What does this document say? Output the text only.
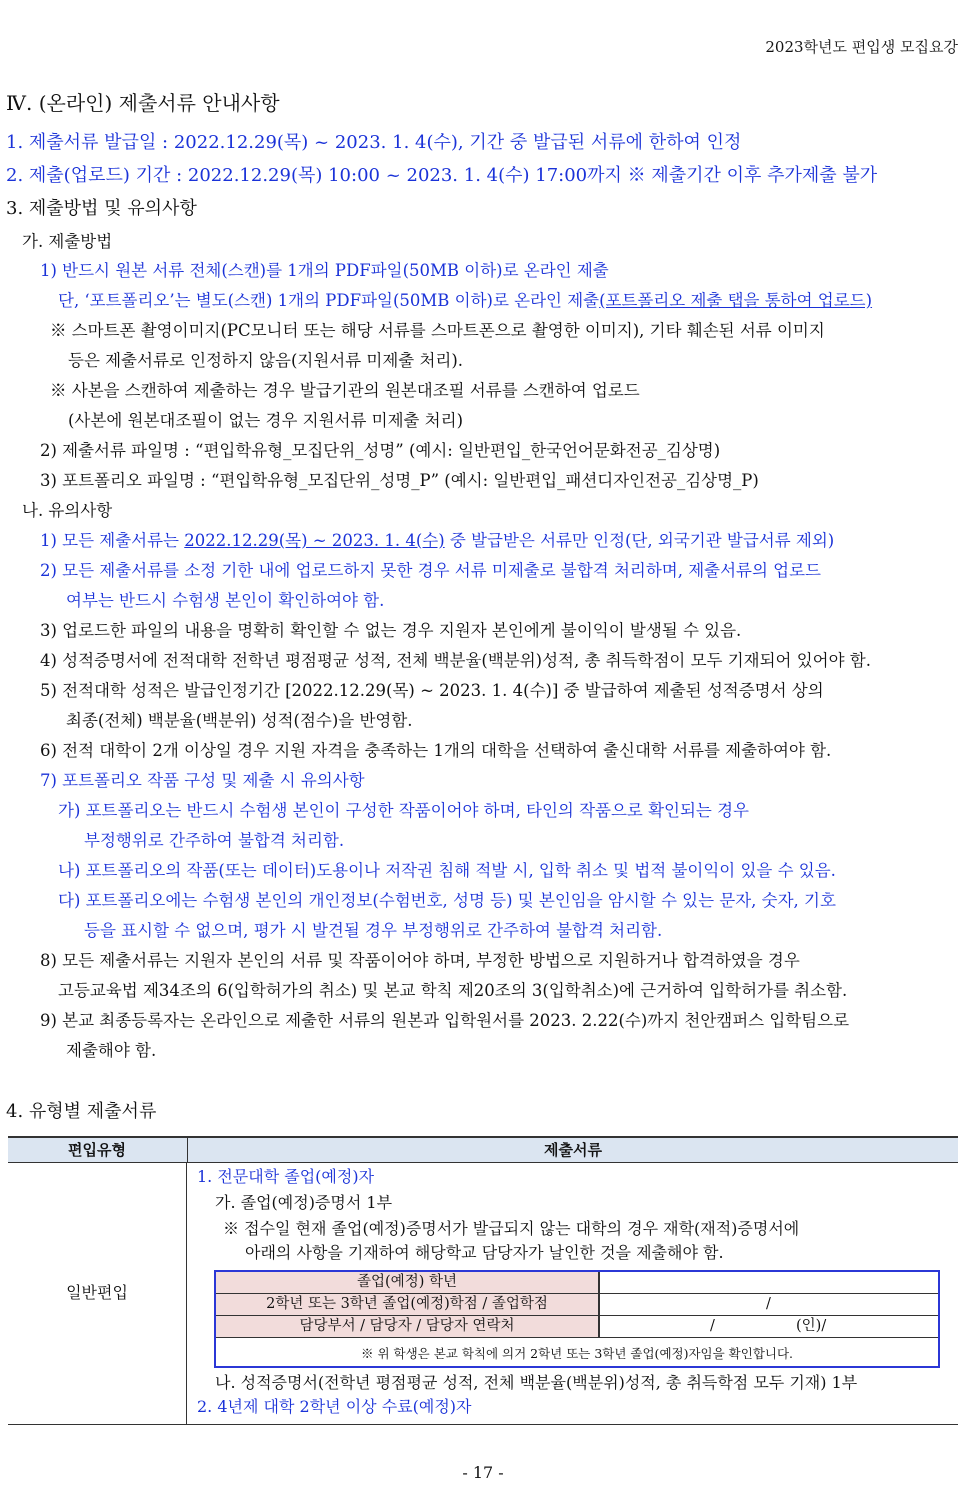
2023학년도 편입생 모집요강
Ⅳ. (온라인) 제출서류 안내사항
1. 제출서류 발급일 : 2022.12.29(목) ~ 2023. 1. 4(수), 기간 중 발급된 서류에 한하여 인정
2. 제출(업로드) 기간 : 2022.12.29(목) 10:00 ~ 2023. 1. 4(수) 17:00까지 ※ 제출기간 이후 추가제출 불가
3. 제출방법 및 유의사항
가. 제출방법
1) 반드시 원본 서류 전체(스캔)를 1개의 PDF파일(50MB 이하)로 온라인 제출
단, ‘포트폴리오’는 별도(스캔) 1개의 PDF파일(50MB 이하)로 온라인 제출(포트폴리오 제출 탭을 통하여 업로드)
※ 스마트폰 촬영이미지(PC모니터 또는 해당 서류를 스마트폰으로 촬영한 이미지), 기타 훼손된 서류 이미지
등은 제출서류로 인정하지 않음(지원서류 미제출 처리).
※ 사본을 스캔하여 제출하는 경우 발급기관의 원본대조필 서류를 스캔하여 업로드
(사본에 원본대조필이 없는 경우 지원서류 미제출 처리)
2) 제출서류 파일명 : “편입학유형_모집단위_성명” (예시: 일반편입_한국언어문화전공_김상명)
3) 포트폴리오 파일명 : “편입학유형_모집단위_성명_P” (예시: 일반편입_패션디자인전공_김상명_P)
나. 유의사항
1) 모든 제출서류는 2022.12.29(목) ~ 2023. 1. 4(수) 중 발급받은 서류만 인정(단, 외국기관 발급서류 제외)
2) 모든 제출서류를 소정 기한 내에 업로드하지 못한 경우 서류 미제출로 불합격 처리하며, 제출서류의 업로드
여부는 반드시 수험생 본인이 확인하여야 함.
3) 업로드한 파일의 내용을 명확히 확인할 수 없는 경우 지원자 본인에게 불이익이 발생될 수 있음.
4) 성적증명서에 전적대학 전학년 평점평균 성적, 전체 백분율(백분위)성적, 총 취득학점이 모두 기재되어 있어야 함.
5) 전적대학 성적은 발급인정기간 [2022.12.29(목) ~ 2023. 1. 4(수)] 중 발급하여 제출된 성적증명서 상의
최종(전체) 백분율(백분위) 성적(점수)을 반영함.
6) 전적 대학이 2개 이상일 경우 지원 자격을 충족하는 1개의 대학을 선택하여 출신대학 서류를 제출하여야 함.
7) 포트폴리오 작품 구성 및 제출 시 유의사항
가) 포트폴리오는 반드시 수험생 본인이 구성한 작품이어야 하며, 타인의 작품으로 확인되는 경우
부정행위로 간주하여 불합격 처리함.
나) 포트폴리오의 작품(또는 데이터)도용이나 저작권 침해 적발 시, 입학 취소 및 법적 불이익이 있을 수 있음.
다) 포트폴리오에는 수험생 본인의 개인정보(수험번호, 성명 등) 및 본인임을 암시할 수 있는 문자, 숫자, 기호
등을 표시할 수 없으며, 평가 시 발견될 경우 부정행위로 간주하여 불합격 처리함.
8) 모든 제출서류는 지원자 본인의 서류 및 작품이어야 하며, 부정한 방법으로 지원하거나 합격하였을 경우
고등교육법 제34조의 6(입학허가의 취소) 및 본교 학칙 제20조의 3(입학취소)에 근거하여 입학허가를 취소함.
9) 본교 최종등록자는 온라인으로 제출한 서류의 원본과 입학원서를 2023. 2.22(수)까지 천안캠퍼스 입학팀으로
제출해야 함.
4. 유형별 제출서류
편입유형	제출서류
일반편입
1. 전문대학 졸업(예정)자
가. 졸업(예정)증명서 1부
※ 접수일 현재 졸업(예정)증명서가 발급되지 않는 대학의 경우 재학(재적)증명서에
아래의 사항을 기재하여 해당학교 담당자가 날인한 것을 제출해야 함.
나. 성적증명서(전학년 평점평균 성적, 전체 백분율(백분위)성적, 총 취득학점 모두 기재) 1부
2. 4년제 대학 2학년 이상 수료(예정)자
졸업(예정) 학년
2학년 또는 3학년 졸업(예정)학점 / 졸업학점	/
담당부서 / 담당자 / 담당자 연락처	/	(인)/
※ 위 학생은 본교 학칙에 의거 2학년 또는 3학년 졸업(예정)자임을 확인합니다.
- 17 -
